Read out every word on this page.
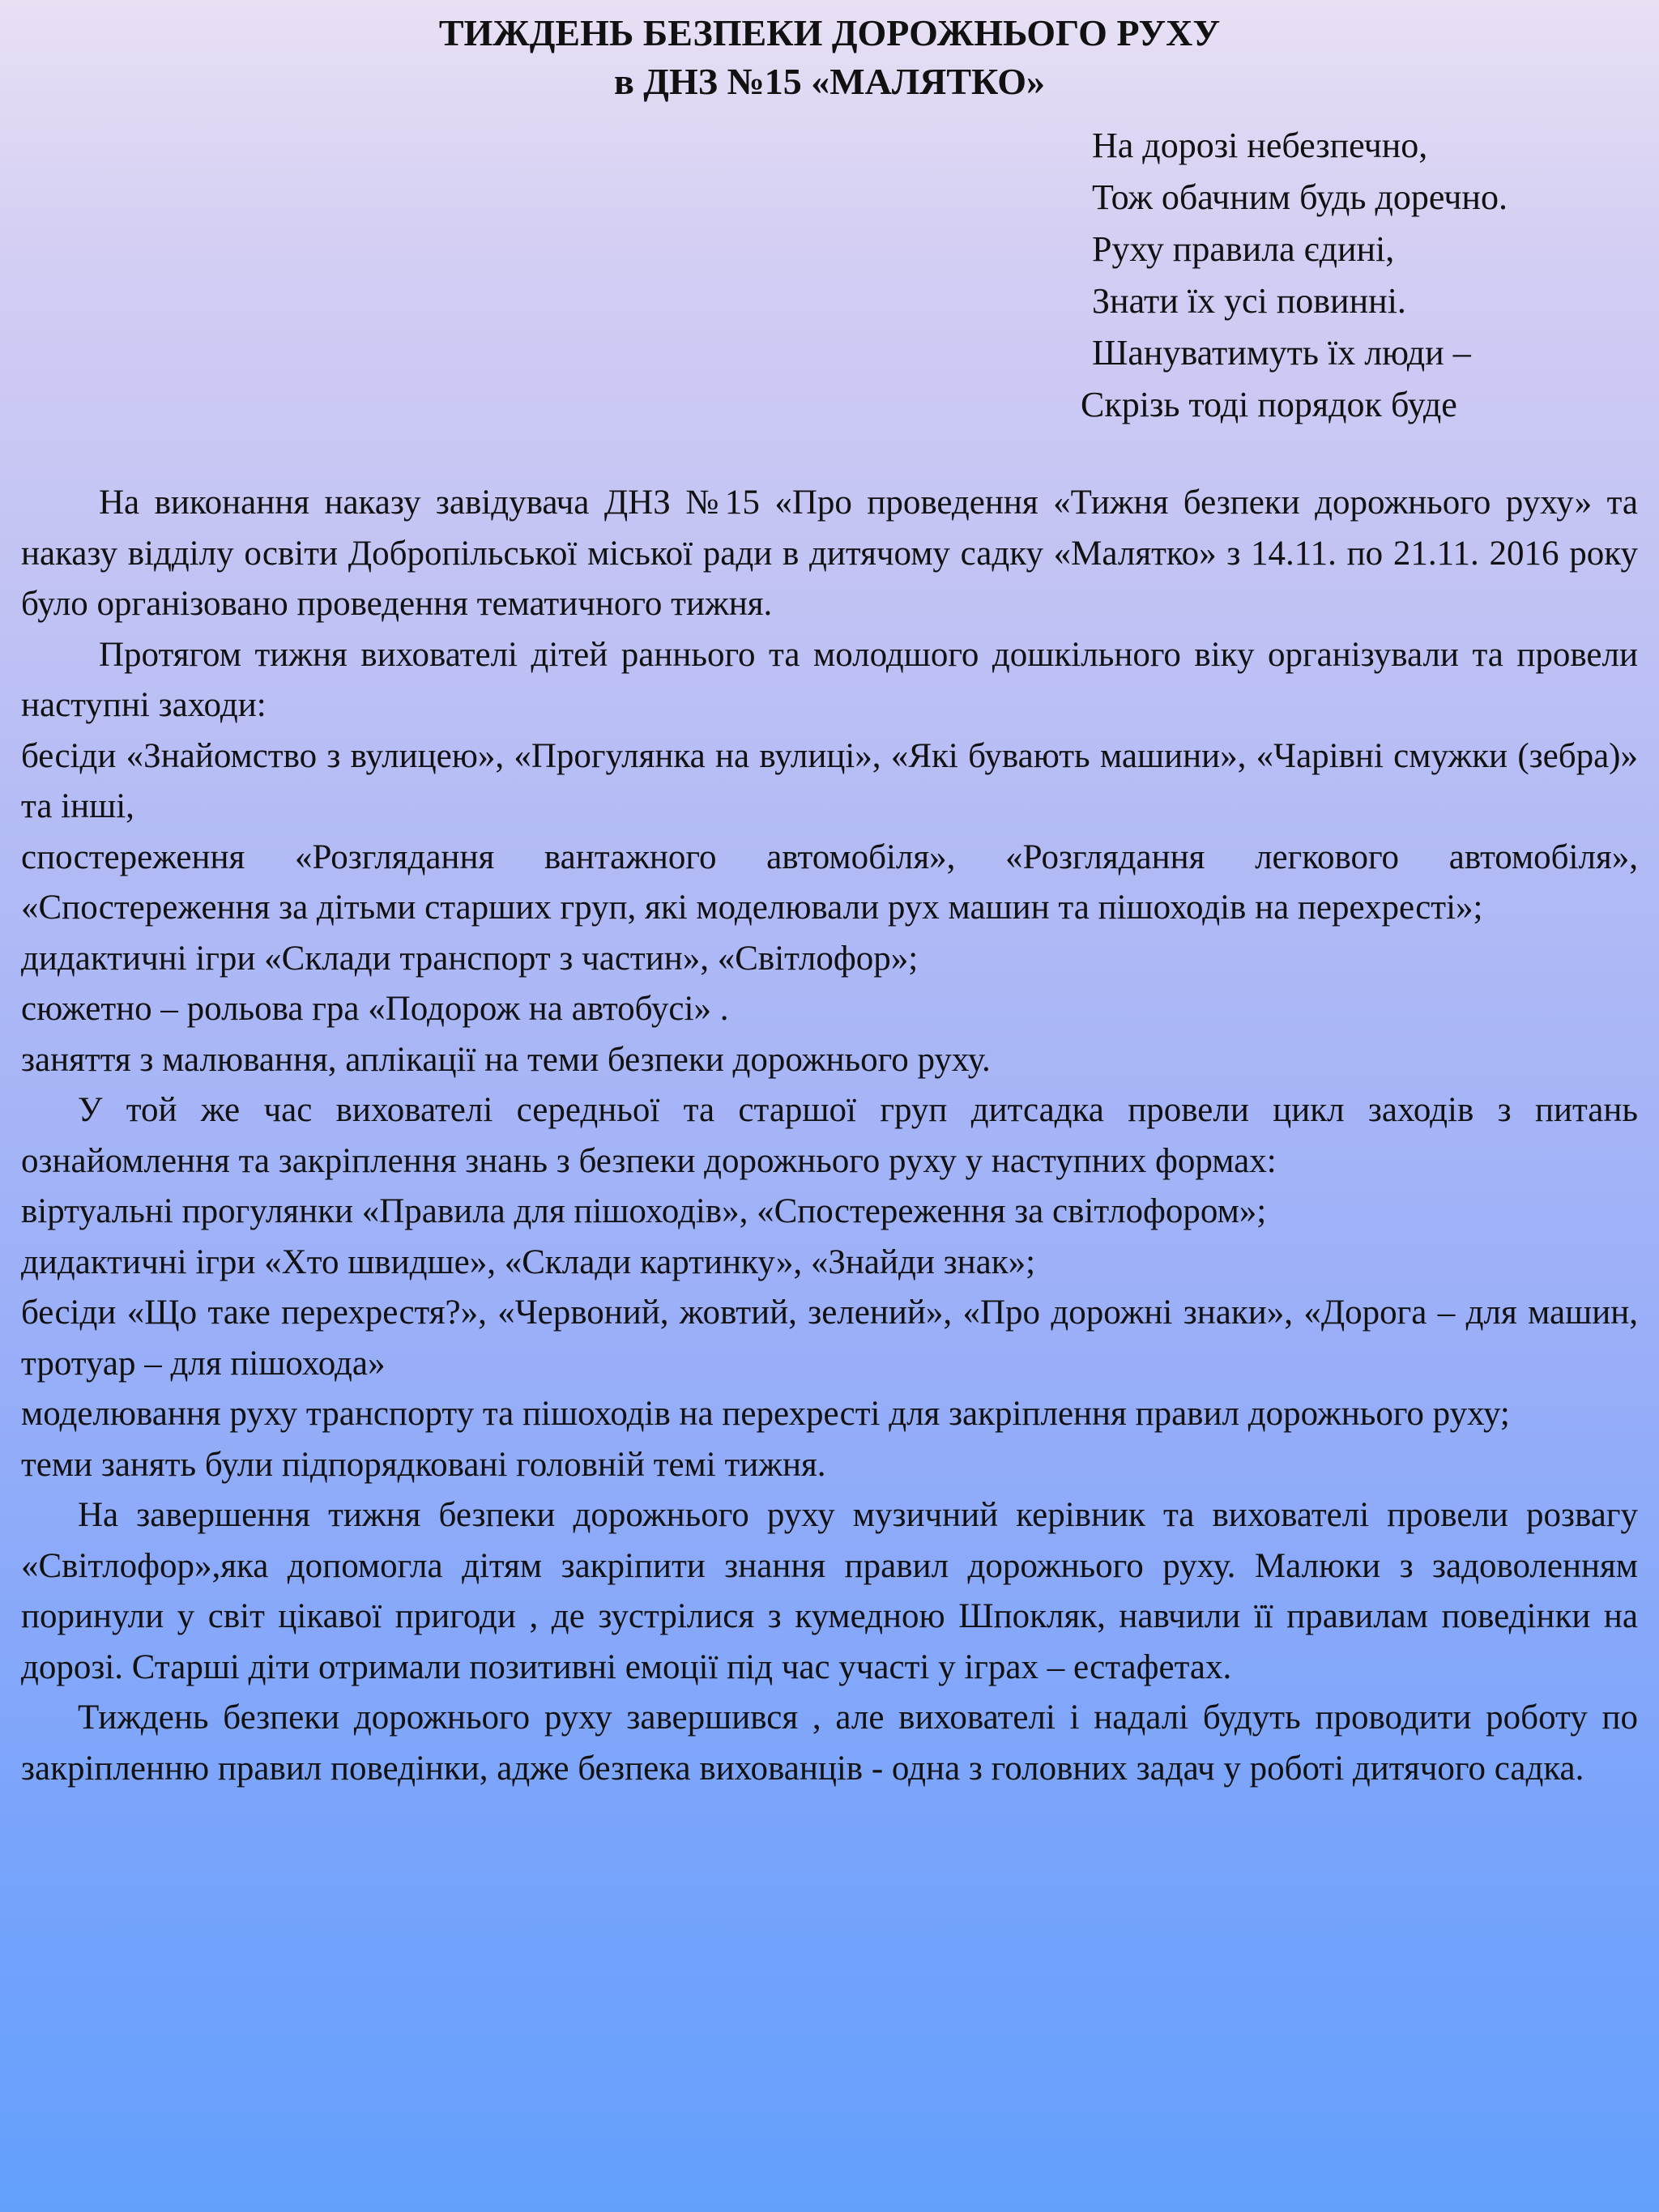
ТИЖДЕНЬ БЕЗПЕКИ ДОРОЖНЬОГО РУХУ
в ДНЗ №15 «МАЛЯТКО»
На дорозі небезпечно,
Тож обачним будь доречно.
Руху правила єдині,
Знати їх усі повинні.
Шануватимуть їх люди –
Скрізь тоді порядок буде

На виконання наказу завідувача ДНЗ №15 «Про проведення «Тижня безпеки дорожнього руху» та наказу відділу освіти Добропільської міської ради в дитячому садку «Малятко» з 14.11. по 21.11. 2016 року було організовано проведення тематичного тижня.

Протягом тижня вихователі дітей раннього та молодшого дошкільного віку організували та провели наступні заходи:

бесіди «Знайомство з вулицею», «Прогулянка на вулиці», «Які бувають машини», «Чарівні смужки (зебра)» та інші,

спостереження «Розглядання вантажного автомобіля», «Розглядання легкового автомобіля», «Спостереження за дітьми старших груп, які моделювали рух машин та пішоходів на перехресті»;

дидактичні ігри «Склади транспорт з частин», «Світлофор»;

сюжетно – рольова гра «Подорож на автобусі» .

заняття з малювання, аплікації на теми безпеки дорожнього руху.

У той же час вихователі середньої та старшої груп дитсадка провели цикл заходів з питань ознайомлення та закріплення знань з безпеки дорожнього руху у наступних формах:

віртуальні прогулянки «Правила для пішоходів», «Спостереження за світлофором»;

дидактичні ігри «Хто швидше», «Склади картинку», «Знайди знак»;

бесіди «Що таке перехрестя?», «Червоний, жовтий, зелений», «Про дорожні знаки», «Дорога – для машин, тротуар – для пішохода»

моделювання руху транспорту та пішоходів на перехресті для закріплення правил дорожнього руху;

теми занять були підпорядковані головній темі тижня.

На завершення тижня безпеки дорожнього руху музичний керівник та вихователі провели розвагу «Світлофор»,яка допомогла дітям закріпити знання правил дорожнього руху. Малюки з задоволенням поринули у світ цікавої пригоди , де зустрілися з кумедною Шпокляк, навчили її правилам поведінки на дорозі. Старші діти отримали позитивні емоції під час участі у іграх – естафетах.

Тиждень безпеки дорожнього руху завершився , але вихователі і надалі будуть проводити роботу по закріпленню правил поведінки, адже безпека вихованців - одна з головних задач у роботі дитячого садка.
